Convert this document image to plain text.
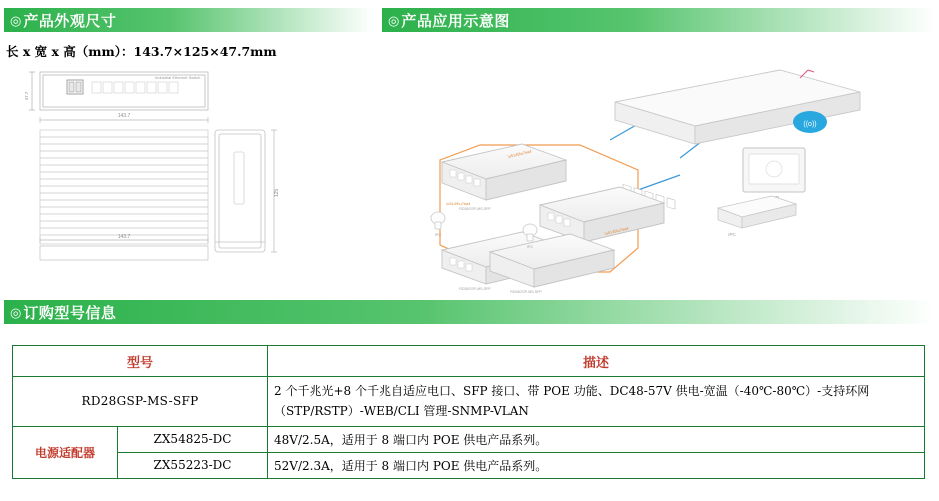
◎ 产品外观尺寸	◎ 产品应用示意图
长 x 宽 x 高（mm）：143.7×125×47.7mm
47.7
Industrial Ethernet Switch
143.7
143.7
125
((o))
IPC
RD28GSP-MS-SFP
RD28GSP-MS-SFP
RD28GSP-MS-SFP
IPC
IPC
\u5149\u7ea4
\u5149\u7ea4
\u5149\u7ea4
◎ 订购型号信息
型号		描述
RD28GSP-MS-SFP		2 个千兆光+8 个千兆自适应电口、SFP 接口、带 POE 功能、DC48-57V 供电-宽温（-40℃-80℃）-支持环网（STP/RSTP）-WEB/CLI 管理-SNMP-VLAN
电源适配器	ZX54825-DC	48V/2.5A，适用于 8 端口内 POE 供电产品系列。
	ZX55223-DC	52V/2.3A，适用于 8 端口内 POE 供电产品系列。
